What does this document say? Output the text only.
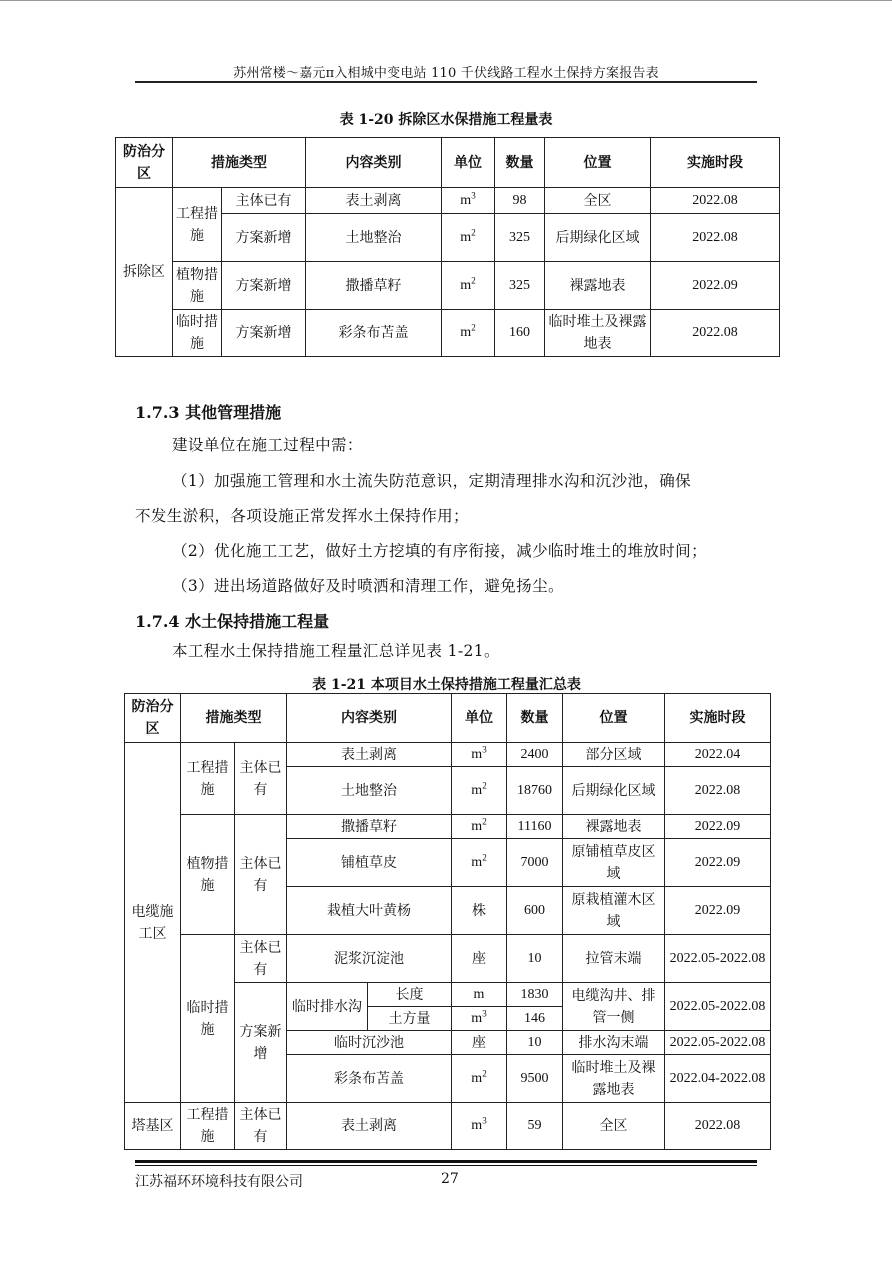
苏州常楼～嘉元π入相城中变电站 110 千伏线路工程水土保持方案报告表
表 1-20 拆除区水保措施工程量表
防治分区	措施类型		内容类别	单位	数量	位置	实施时段
拆除区	工程措施	主体已有	表土剥离	$m^3$	98	全区	2022.08
		方案新增	土地整治	$m^2$	325	后期绿化区域	2022.08
	植物措施	方案新增	撒播草籽	$m^2$	325	裸露地表	2022.09
	临时措施	方案新增	彩条布苫盖	$m^2$	160	临时堆土及裸露地表	2022.08
1.7.3 其他管理措施
建设单位在施工过程中需：
（1）加强施工管理和水土流失防范意识，定期清理排水沟和沉沙池，确保
不发生淤积，各项设施正常发挥水土保持作用；
（2）优化施工工艺，做好土方挖填的有序衔接，减少临时堆土的堆放时间；
（3）进出场道路做好及时喷洒和清理工作，避免扬尘。
1.7.4 水土保持措施工程量
本工程水土保持措施工程量汇总详见表 1-21。
表 1-21 本项目水土保持措施工程量汇总表
防治分区	措施类型		内容类别		单位	数量	位置	实施时段
电缆施工区	工程措施	主体已有	表土剥离		$m^3$	2400	部分区域	2022.04
			土地整治		$m^2$	18760	后期绿化区域	2022.08
	植物措施	主体已有	撒播草籽		$m^2$	11160	裸露地表	2022.09
			铺植草皮		$m^2$	7000	原铺植草皮区域	2022.09
			栽植大叶黄杨		株	600	原栽植灌木区域	2022.09
	临时措施	主体已有	泥浆沉淀池		座	10	拉管末端	2022.05-2022.08
		方案新增	临时排水沟	长度	m	1830	电缆沟井、排管一侧	2022.05-2022.08
				土方量	$m^3$	146		
			临时沉沙池		座	10	排水沟末端	2022.05-2022.08
			彩条布苫盖		$m^2$	9500	临时堆土及裸露地表	2022.04-2022.08
塔基区	工程措施	主体已有	表土剥离		$m^3$	59	全区	2022.08
江苏福环环境科技有限公司	27
